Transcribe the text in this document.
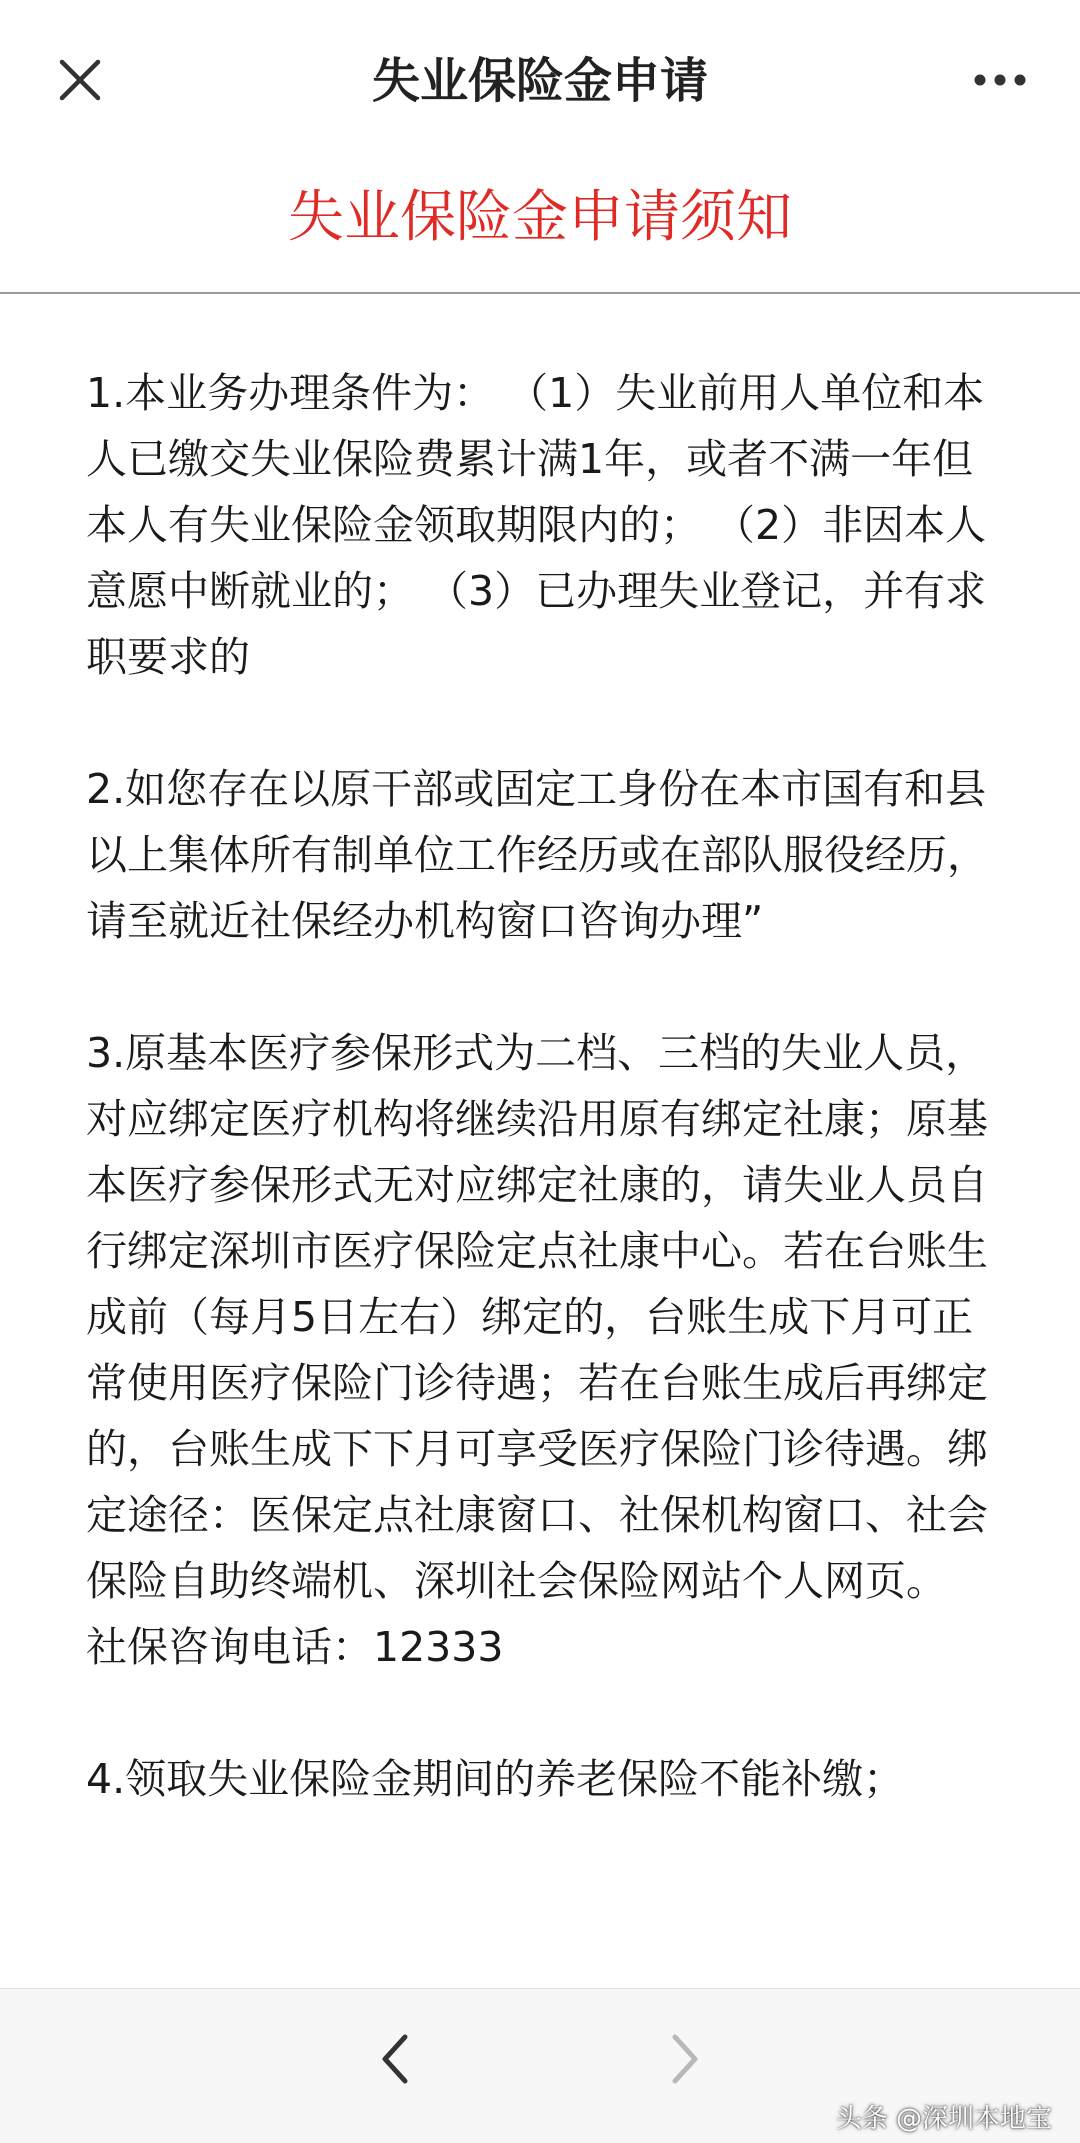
失业保险金申请
失业保险金申请须知

1.本业务办理条件为： （1）失业前用人单位和本人已缴交失业保险费累计满1年，或者不满一年但本人有失业保险金领取期限内的； （2）非因本人意愿中断就业的； （3）已办理失业登记，并有求职要求的

2.如您存在以原干部或固定工身份在本市国有和县以上集体所有制单位工作经历或在部队服役经历，请至就近社保经办机构窗口咨询办理”

3.原基本医疗参保形式为二档、三档的失业人员，对应绑定医疗机构将继续沿用原有绑定社康；原基本医疗参保形式无对应绑定社康的，请失业人员自行绑定深圳市医疗保险定点社康中心。若在台账生成前（每月5日左右）绑定的，台账生成下月可正常使用医疗保险门诊待遇；若在台账生成后再绑定的，台账生成下下月可享受医疗保险门诊待遇。绑定途径：医保定点社康窗口、社保机构窗口、社会保险自助终端机、深圳社会保险网站个人网页。 社保咨询电话：12333

4.领取失业保险金期间的养老保险不能补缴；

头条 @深圳本地宝
